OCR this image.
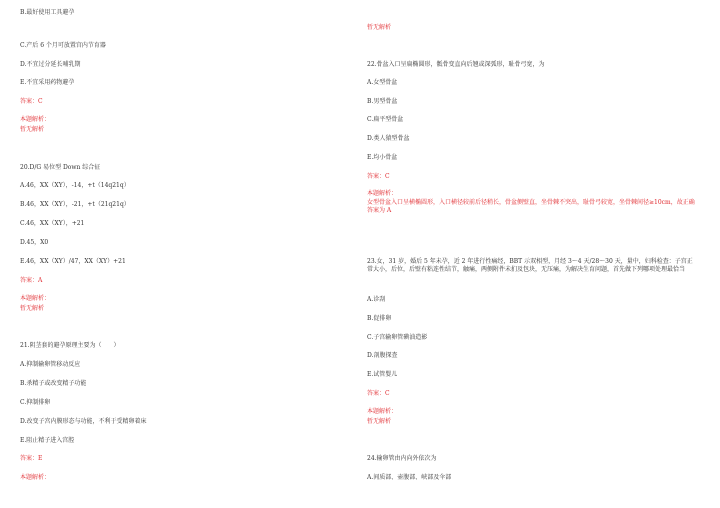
B.最好使用工具避孕
C.产后 6 个月可放置宫内节育器
D.不宜过分延长哺乳期
E.不宜采用药物避孕
答案：C
本题解析：
暂无解析
20.D/G 易位型 Down 综合征
A.46，XX（XY），-14，+t（14q21q）
B.46，XX（XY），-21，+t（21q21q）
C.46，XX（XY），+21
D.45，X0
E.46，XX（XY）/47，XX（XY）+21
答案：A
本题解析：
暂无解析
21.阴茎套的避孕原理主要为（　　）
A.抑制输卵管移动反应
B.杀精子或改变精子功能
C.抑制排卵
D.改变子宫内膜形态与功能，不利于受精卵着床
E.阻止精子进入宫腔
答案：E
本题解析：
暂无解析
22.骨盆入口呈扁椭圆形，骶骨变直向后翘或深弧形，耻骨弓宽，为
A.女型骨盆
B.男型骨盆
C.扁平型骨盆
D.类人猿型骨盆
E.均小骨盆
答案：C
本题解析：
女型骨盆入口呈横椭圆形，入口横径较前后径稍长，骨盆侧壁直，坐骨棘不突出，耻骨弓较宽，坐骨棘间径≥10cm，故正确答案为 A
23.女，31 岁，婚后 5 年未孕，近 2 年进行性痛经，BBT 示双相型，月经 3～4 天/28～30 天，量中，妇科检查：子宫正常大小，后位，后壁有粘连性结节，触痛，两侧附件未扪及包块，无压痛，为解决生育问题，首先做下列哪项处理最恰当
A.诊刮
B.促排卵
C.子宫输卵管碘油造影
D.剖腹探查
E.试管婴儿
答案：C
本题解析：
暂无解析
24.输卵管由内向外依次为
A.间质部、壶腹部、峡部及伞部
